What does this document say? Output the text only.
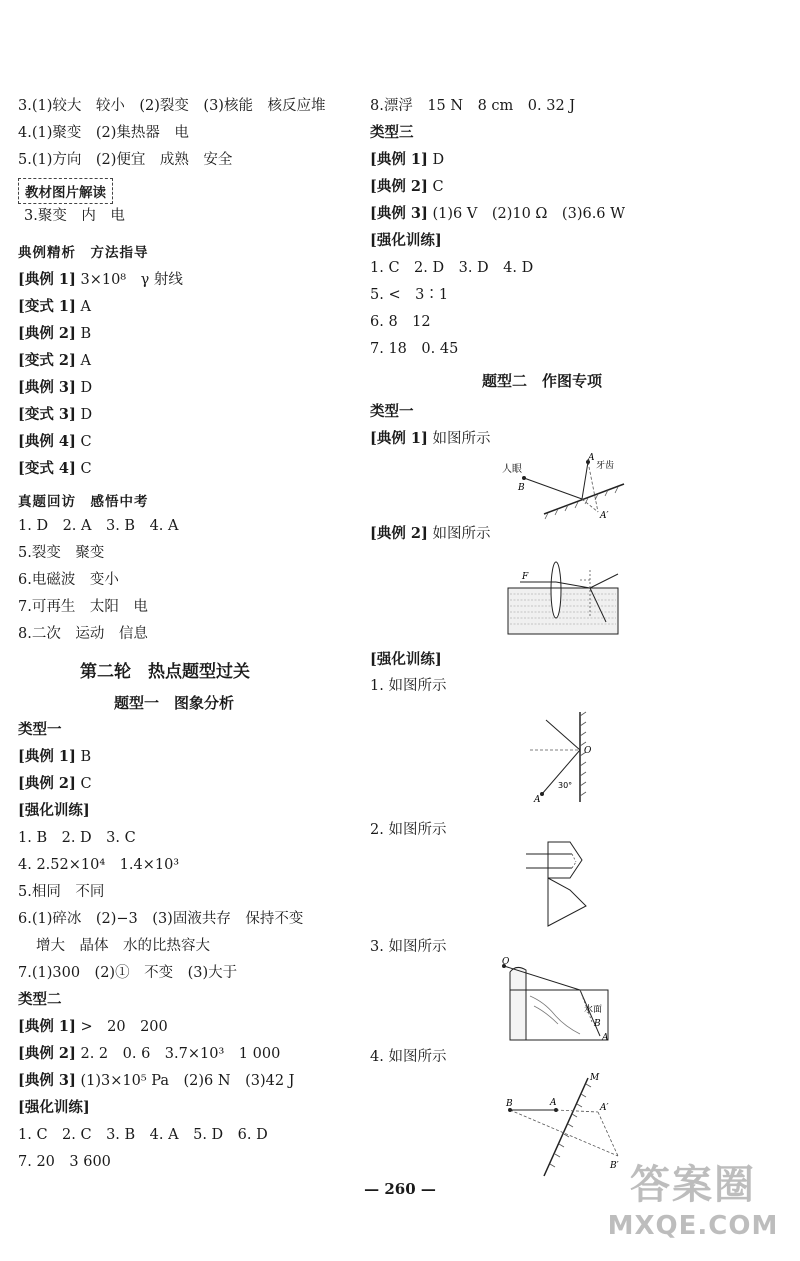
3.(1)较大　较小　(2)裂变　(3)核能　核反应堆
4.(1)聚变　(2)集热器　电
5.(1)方向　(2)便宜　成熟　安全
教材图片解读
3.聚变　内　电
典例精析　方法指导
[典例 1] 3×10⁸　γ 射线
[变式 1] A
[典例 2] B
[变式 2] A
[典例 3] D
[变式 3] D
[典例 4] C
[变式 4] C
真题回访　感悟中考
1. D　2. A　3. B　4. A
5.裂变　聚变
6.电磁波　变小
7.可再生　太阳　电
8.二次　运动　信息
第二轮　热点题型过关
题型一　图象分析
类型一
[典例 1] B
[典例 2] C
[强化训练]
1. B　2. D　3. C
4. 2.52×10⁴　1.4×10³
5.相同　不同
6.(1)碎冰　(2)−3　(3)固液共存　保持不变
增大　晶体　水的比热容大
7.(1)300　(2)①　不变　(3)大于
类型二
[典例 1] >　20　200
[典例 2] 2. 2　0. 6　3.7×10³　1 000
[典例 3] (1)3×10⁵ Pa　(2)6 N　(3)42 J
[强化训练]
1. C　2. C　3. B　4. A　5. D　6. D
7. 20　3 600
8.漂浮　15 N　8 cm　0. 32 J
类型三
[典例 1] D
[典例 2] C
[典例 3] (1)6 V　(2)10 Ω　(3)6.6 W
[强化训练]
1. C　2. D　3. D　4. D
5. <　3∶1
6. 8　12
7. 18　0. 45
题型二　作图专项
类型一
[典例 1] 如图所示
人眼
B
A
牙齿
A′
[典例 2] 如图所示
F
[强化训练]
1. 如图所示
O
A
30°
2. 如图所示
3. 如图所示
O
水面
B
A
4. 如图所示
M
B	A	A′
B′
— 260 —	答案圈
MXQE.COM
